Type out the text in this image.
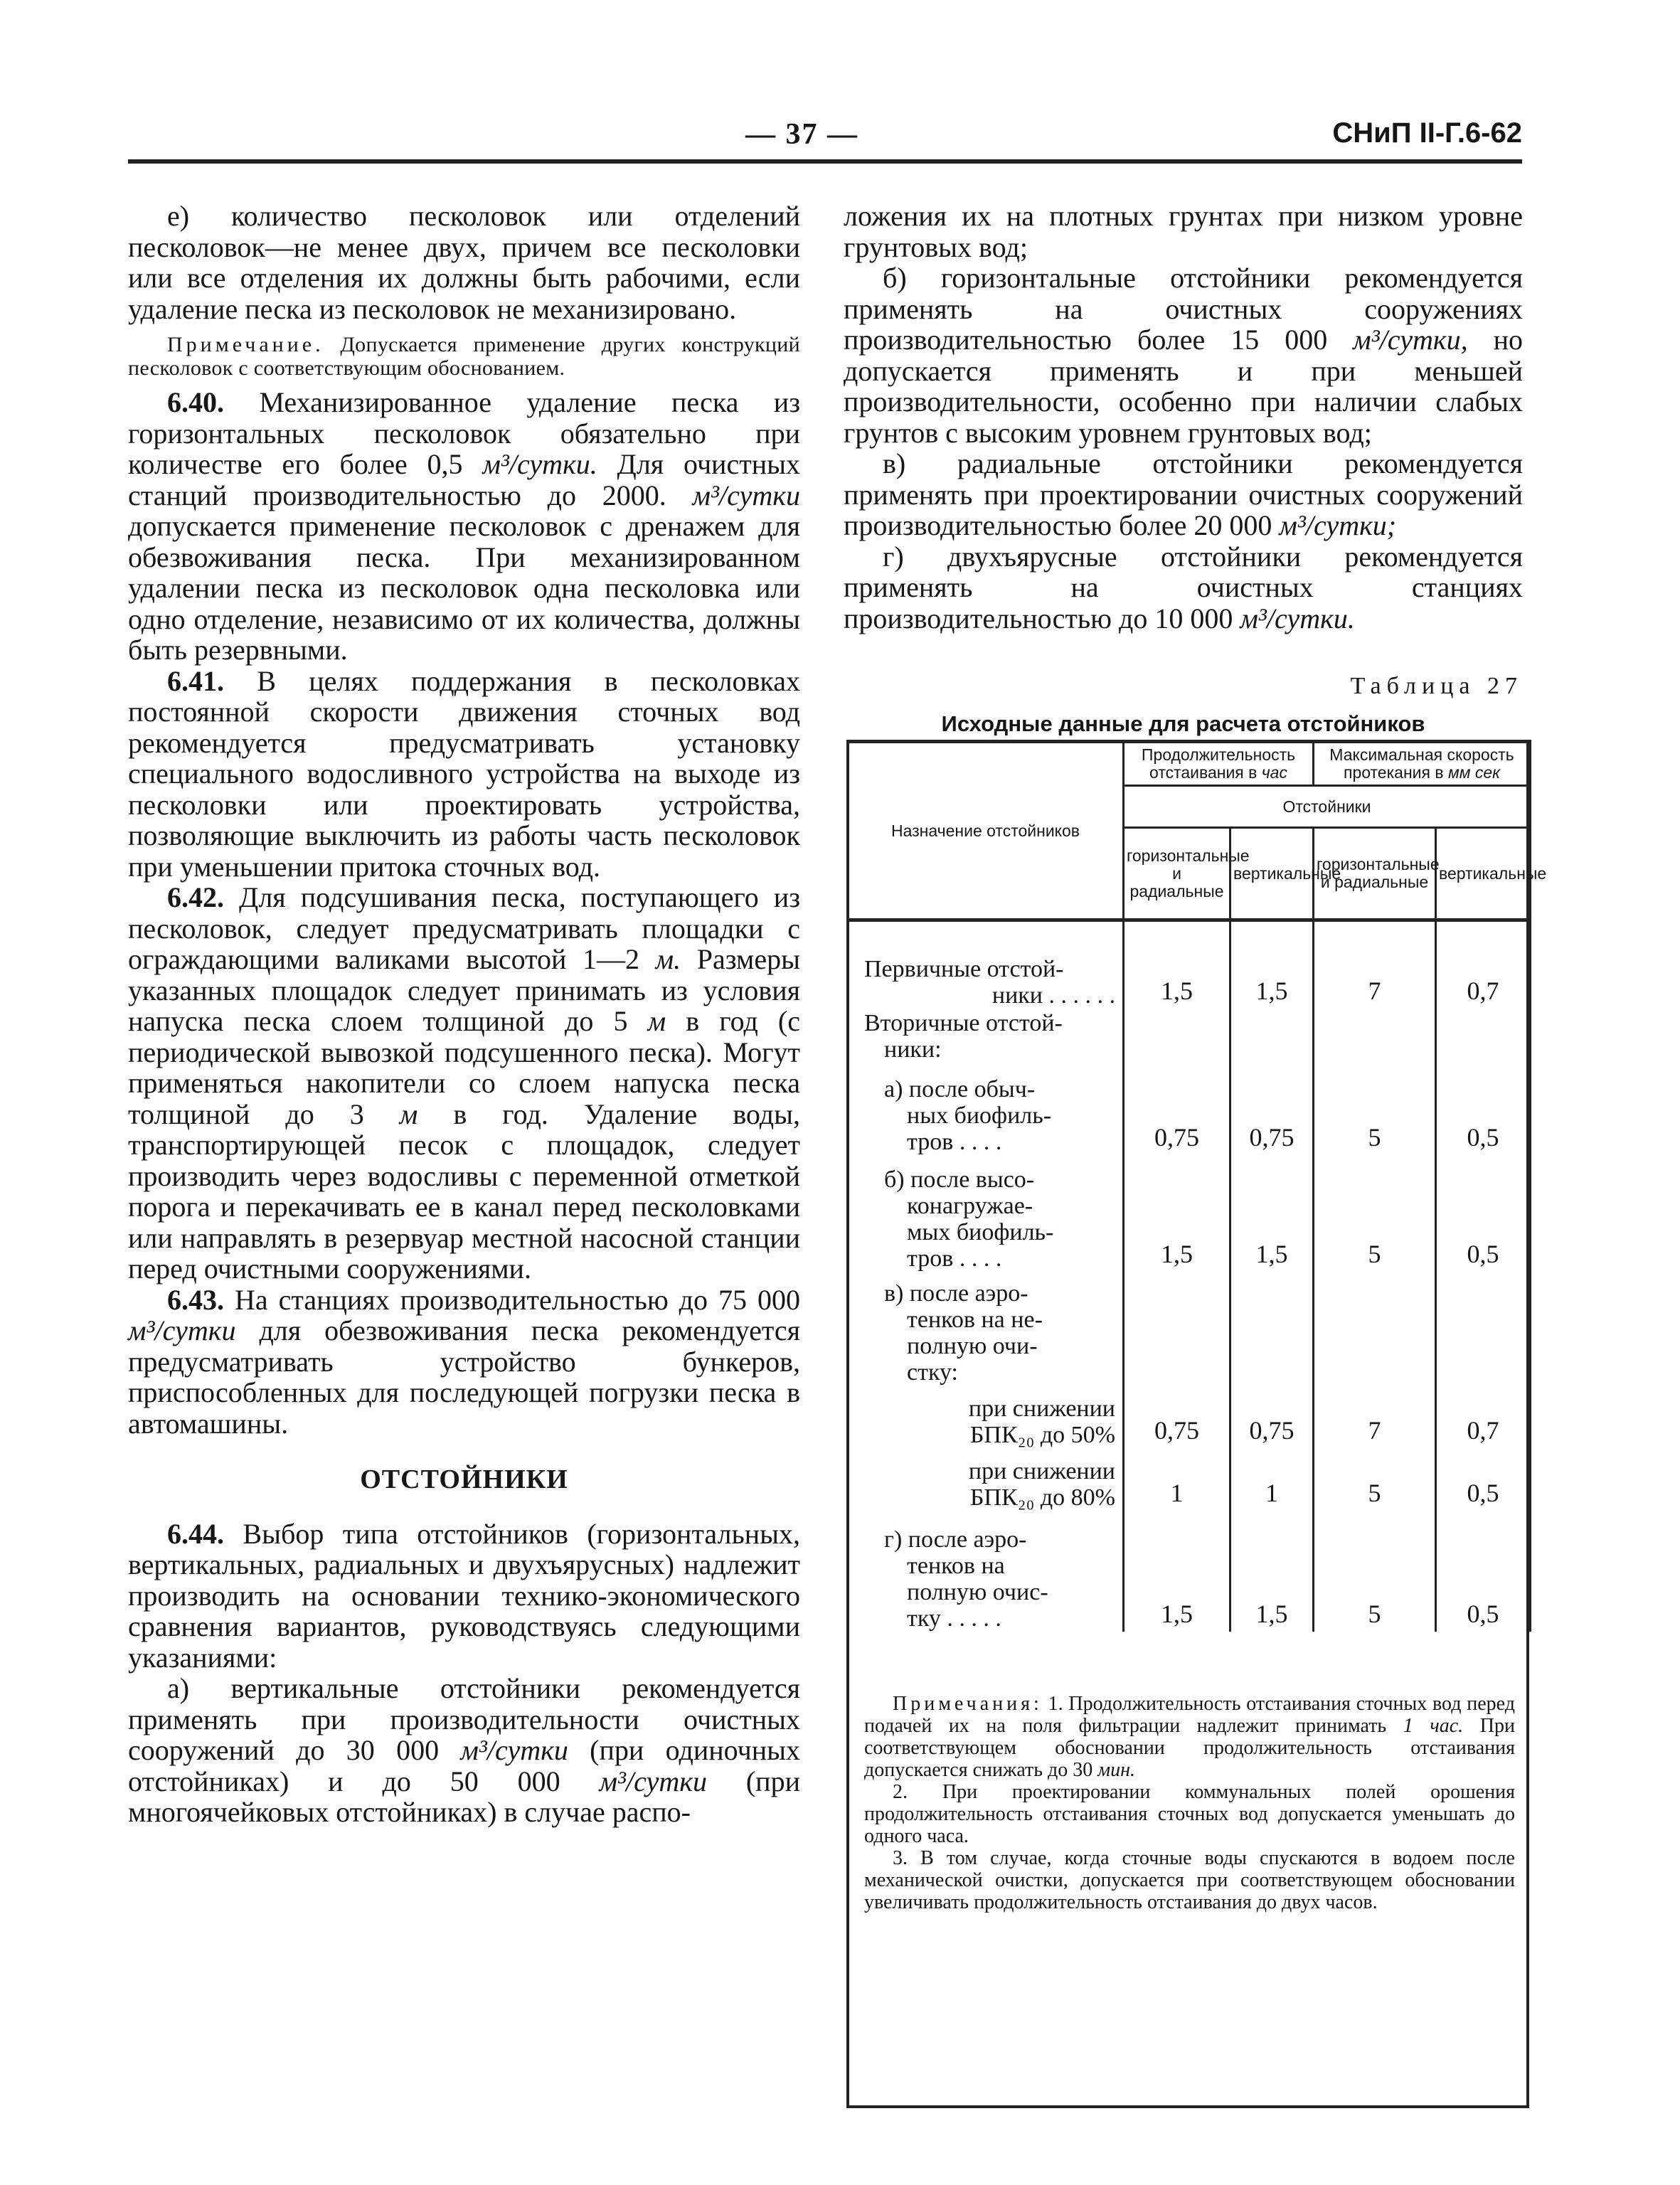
— 37 —	СНиП II-Г.6-62

е) количество песколовок или отделений песколовок—не менее двух, причем все песколовки или все отделения их должны быть рабочими, если удаление песка из песколовок не механизировано.

Примечание. Допускается применение других конструкций песколовок с соответствующим обоснованием.

6.40. Механизированное удаление песка из горизонтальных песколовок обязательно при количестве его более 0,5 м³/сутки. Для очистных станций производительностью до 2000. м³/сутки допускается применение песколовок с дренажем для обезвоживания песка. При механизированном удалении песка из песколовок одна песколовка или одно отделение, независимо от их количества, должны быть резервными.

6.41. В целях поддержания в песколовках постоянной скорости движения сточных вод рекомендуется предусматривать установку специального водосливного устройства на выходе из песколовки или проектировать устройства, позволяющие выключить из работы часть песколовок при уменьшении притока сточных вод.

6.42. Для подсушивания песка, поступающего из песколовок, следует предусматривать площадки с ограждающими валиками высотой 1—2 м. Размеры указанных площадок следует принимать из условия напуска песка слоем толщиной до 5 м в год (с периодической вывозкой подсушенного песка). Могут применяться накопители со слоем напуска песка толщиной до 3 м в год. Удаление воды, транспортирующей песок с площадок, следует производить через водосливы с переменной отметкой порога и перекачивать ее в канал перед песколовками или направлять в резервуар местной насосной станции перед очистными сооружениями.

6.43. На станциях производительностью до 75 000 м³/сутки для обезвоживания песка рекомендуется предусматривать устройство бункеров, приспособленных для последующей погрузки песка в автомашины.

ОТСТОЙНИКИ

6.44. Выбор типа отстойников (горизонтальных, вертикальных, радиальных и двухъярусных) надлежит производить на основании технико-экономического сравнения вариантов, руководствуясь следующими указаниями:

а) вертикальные отстойники рекомендуется применять при производительности очистных сооружений до 30 000 м³/сутки (при одиночных отстойниках) и до 50 000 м³/сутки (при многоячейковых отстойниках) в случае распо-

ложения их на плотных грунтах при низком уровне грунтовых вод;

б) горизонтальные отстойники рекомендуется применять на очистных сооружениях производительностью более 15 000 м³/сутки, но допускается применять и при меньшей производительности, особенно при наличии слабых грунтов с высоким уровнем грунтовых вод;

в) радиальные отстойники рекомендуется применять при проектировании очистных сооружений производительностью более 20 000 м³/сутки;

г) двухъярусные отстойники рекомендуется применять на очистных станциях производительностью до 10 000 м³/сутки.

Таблица 27
Исходные данные для расчета отстойников
Назначение отстойников	Продолжительность отстаивания в час		Максимальная скорость протекания в мм сек	
	Отстойники			
	горизонтальные и радиальные	вертикальные	горизонтальные и радиальные	вертикальные

Первичные отстой-
ники . . . . . .	1,5	1,5	7	0,7

Вторичные отстой-
ники:				

а) после обыч-
ных биофиль-
тров . . . .	0,75	0,75	5	0,5

б) после высо-
конагружае-
мых биофиль-
тров . . . .	1,5	1,5	5	0,5

в) после аэро-
тенков на не-
полную очи-
стку:				

при снижении
БПК₂₀ до 50%	0,75	0,75	7	0,7

при снижении
БПК₂₀ до 80%	1	1	5	0,5

г) после аэро-
тенков на
полную очис-
тку . . . . .	1,5	1,5	5	0,5

Примечания: 1. Продолжительность отстаивания сточных вод перед подачей их на поля фильтрации надлежит принимать 1 час. При соответствующем обосновании продолжительность отстаивания допускается снижать до 30 мин.

2. При проектировании коммунальных полей орошения продолжительность отстаивания сточных вод допускается уменьшать до одного часа.

3. В том случае, когда сточные воды спускаются в водоем после механической очистки, допускается при соответствующем обосновании увеличивать продолжительность отстаивания до двух часов.
